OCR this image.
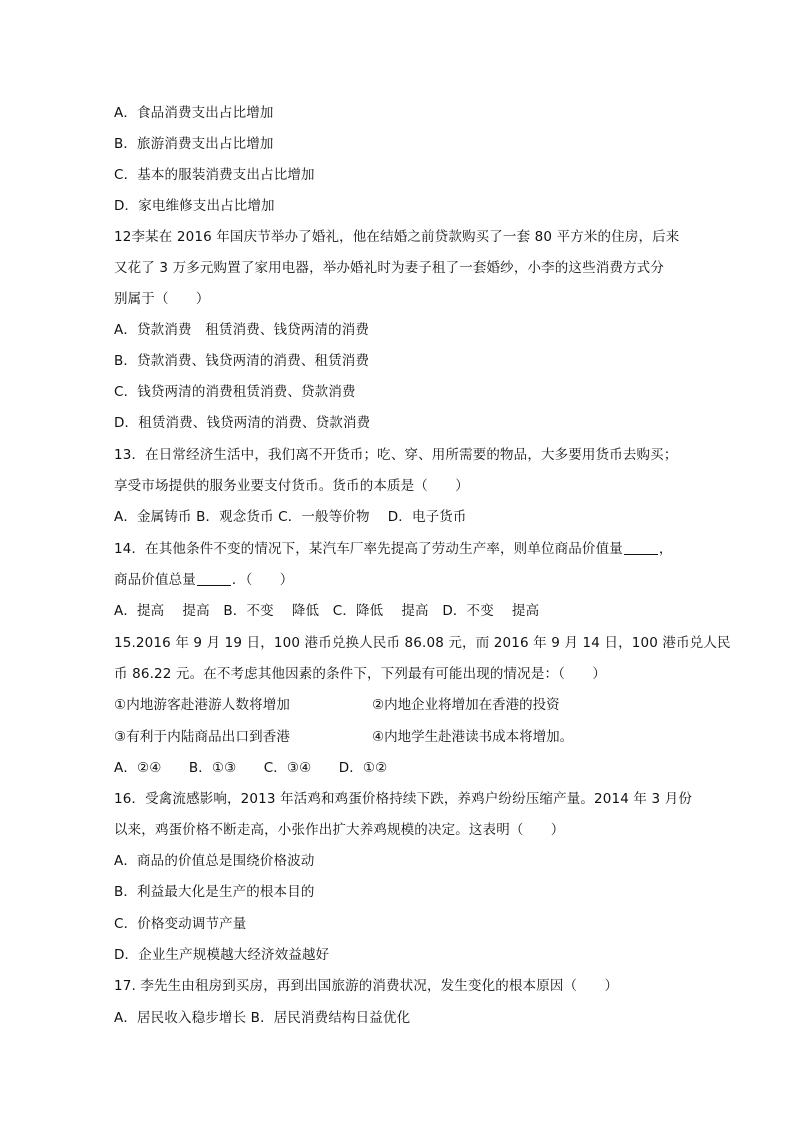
A．食品消费支出占比增加
B．旅游消费支出占比增加
C．基本的服装消费支出占比增加
D．家电维修支出占比增加
12李某在 2016 年国庆节举办了婚礼，他在结婚之前贷款购买了一套 80 平方米的住房，后来
又花了 3 万多元购置了家用电器，举办婚礼时为妻子租了一套婚纱，小李的这些消费方式分
别属于（　　）
A．贷款消费　租赁消费、钱贷两清的消费
B．贷款消费、钱贷两清的消费、租赁消费
C．钱贷两清的消费租赁消费、贷款消费
D．租赁消费、钱贷两清的消费、贷款消费
13．在日常经济生活中，我们离不开货币；吃、穿、用所需要的物品，大多要用货币去购买；
享受市场提供的服务业要支付货币。货币的本质是（　　）
A．金属铸币 B．观念货币 C．一般等价物　 D．电子货币
14．在其他条件不变的情况下，某汽车厂率先提高了劳动生产率，则单位商品价值量	，
商品价值总量	．（　　）
A．提高　 提高　B．不变　 降低　C．降低　 提高　D．不变　 提高
15.2016 年 9 月 19 日，100 港币兑换人民币 86.08 元，而 2016 年 9 月 14 日，100 港币兑人民
币 86.22 元。在不考虑其他因素的条件下，下列最有可能出现的情况是：（　　）
①内地游客赴港游人数将增加	②内地企业将增加在香港的投资
③有利于内陆商品出口到香港	④内地学生赴港读书成本将增加。
A．②④　　B．①③　　C．③④　　D．①②
16．受禽流感影响，2013 年活鸡和鸡蛋价格持续下跌，养鸡户纷纷压缩产量。2014 年 3 月份
以来，鸡蛋价格不断走高，小张作出扩大养鸡规模的决定。这表明（　　）
A．商品的价值总是围绕价格波动
B．利益最大化是生产的根本目的
C．价格变动调节产量
D．企业生产规模越大经济效益越好
17. 李先生由租房到买房，再到出国旅游的消费状况，发生变化的根本原因（　　）
A．居民收入稳步增长 B．居民消费结构日益优化
